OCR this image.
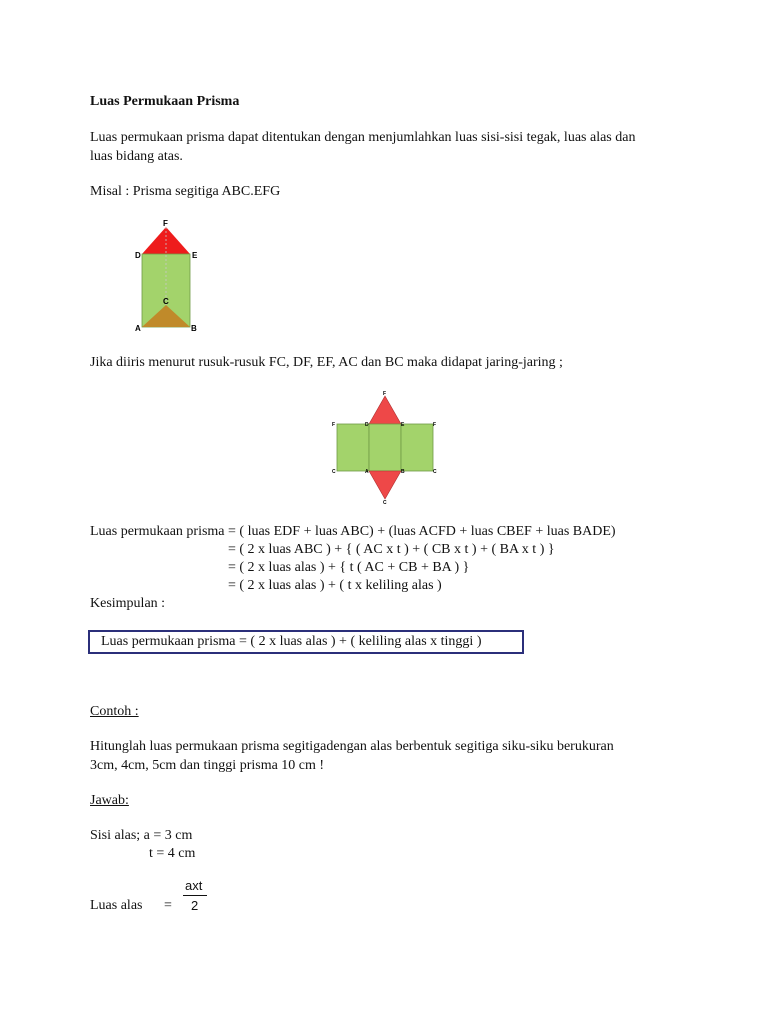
Luas Permukaan Prisma
Luas permukaan prisma dapat ditentukan dengan menjumlahkan luas sisi-sisi tegak, luas alas dan
luas bidang atas.
Misal : Prisma segitiga ABC.EFG
F
D	E
C
A	B
Jika diiris menurut rusuk-rusuk FC, DF, EF, AC dan BC maka didapat jaring-jaring ;
F
F	D	E	F
C	A	B	C
C
Luas permukaan prisma = ( luas EDF + luas ABC) + (luas ACFD + luas CBEF + luas BADE)
= ( 2 x luas ABC ) + { ( AC x t ) + ( CB x t ) + ( BA x t ) }
= ( 2 x luas alas ) + { t ( AC + CB + BA ) }
= ( 2 x luas alas ) + ( t x keliling alas )
Kesimpulan :
Luas permukaan prisma = ( 2 x luas alas ) + ( keliling alas x tinggi )
Contoh :
Hitunglah luas permukaan prisma segitigadengan alas berbentuk segitiga siku-siku berukuran
3cm, 4cm, 5cm dan tinggi prisma 10 cm !
Jawab:
Sisi alas; a = 3 cm
t = 4 cm
axt
Luas alas = 2
